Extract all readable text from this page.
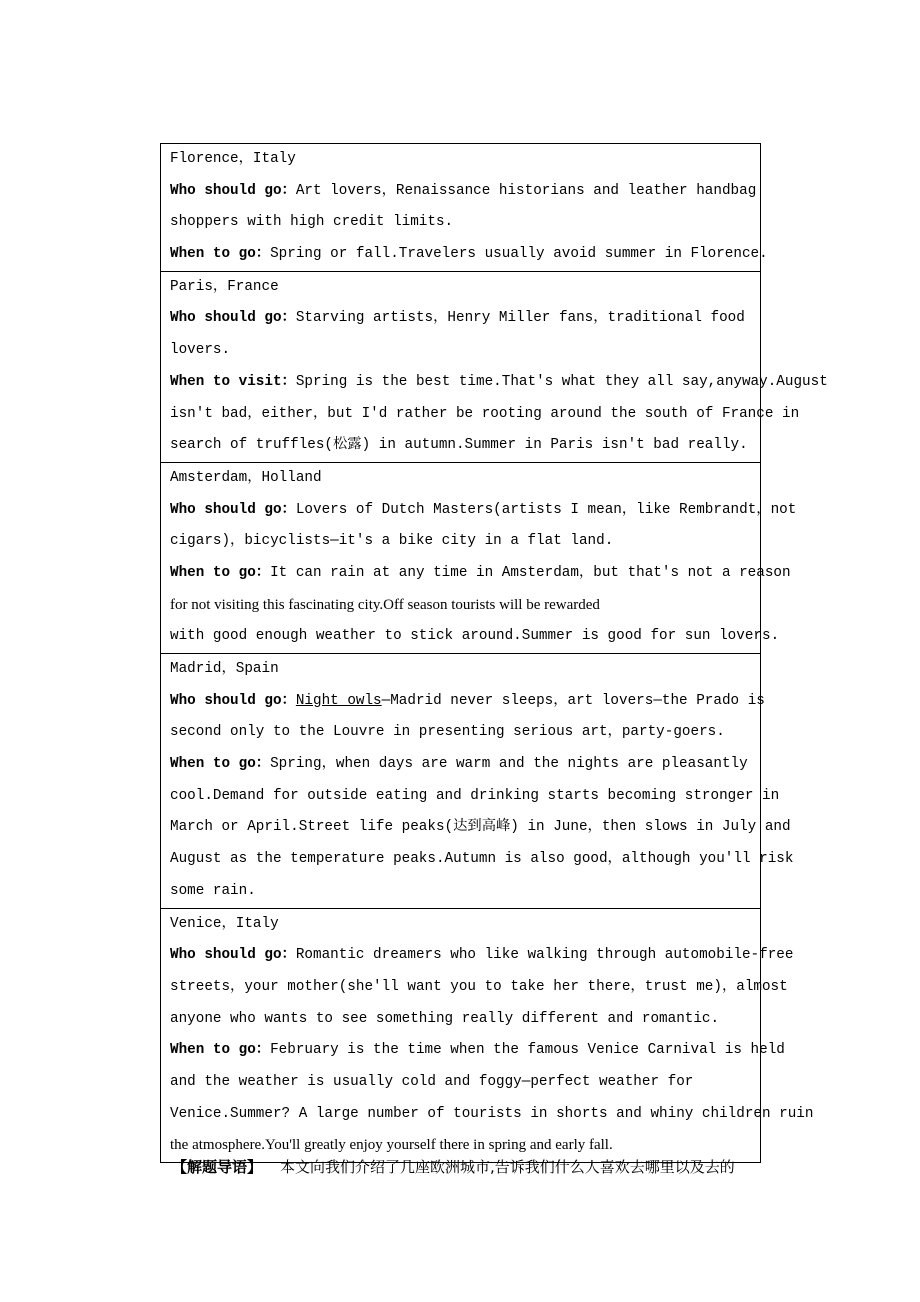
Florence，Italy
Who should go：Art lovers，Renaissance historians and leather handbag
shoppers with high credit limits.
When to go：Spring or fall.Travelers usually avoid summer in Florence.
Paris，France
Who should go：Starving artists，Henry Miller fans，traditional food
lovers.
When to visit：Spring is the best time.That's what they all say,anyway.August
isn't bad，either，but I'd rather be rooting around the south of France in
search of truffles(松露) in autumn.Summer in Paris isn't bad really.
Amsterdam，Holland
Who should go：Lovers of Dutch Masters(artists I mean，like Rembrandt，not
cigars)，bicyclists—it's a bike city in a flat land.
When to go：It can rain at any time in Amsterdam，but that's not a reason
for not visiting this fascinating city.Off season tourists will be rewarded
with good enough weather to stick around.Summer is good for sun lovers.
Madrid，Spain
Who should go：Night owls—Madrid never sleeps，art lovers—the Prado is
second only to the Louvre in presenting serious art，party-goers.
When to go：Spring，when days are warm and the nights are pleasantly
cool.Demand for outside eating and drinking starts becoming stronger in
March or April.Street life peaks(达到高峰) in June，then slows in July and
August as the temperature peaks.Autumn is also good，although you'll risk
some rain.
Venice，Italy
Who should go：Romantic dreamers who like walking through automobile-free
streets，your mother(she'll want you to take her there，trust me)，almost
anyone who wants to see something really different and romantic.
When to go：February is the time when the famous Venice Carnival is held
and the weather is usually cold and foggy—perfect weather for
Venice.Summer? A large number of tourists in shorts and whiny children ruin
the atmosphere.You'll greatly enjoy yourself there in spring and early fall.
【解题导语】 本文向我们介绍了几座欧洲城市,告诉我们什么人喜欢去哪里以及去的
